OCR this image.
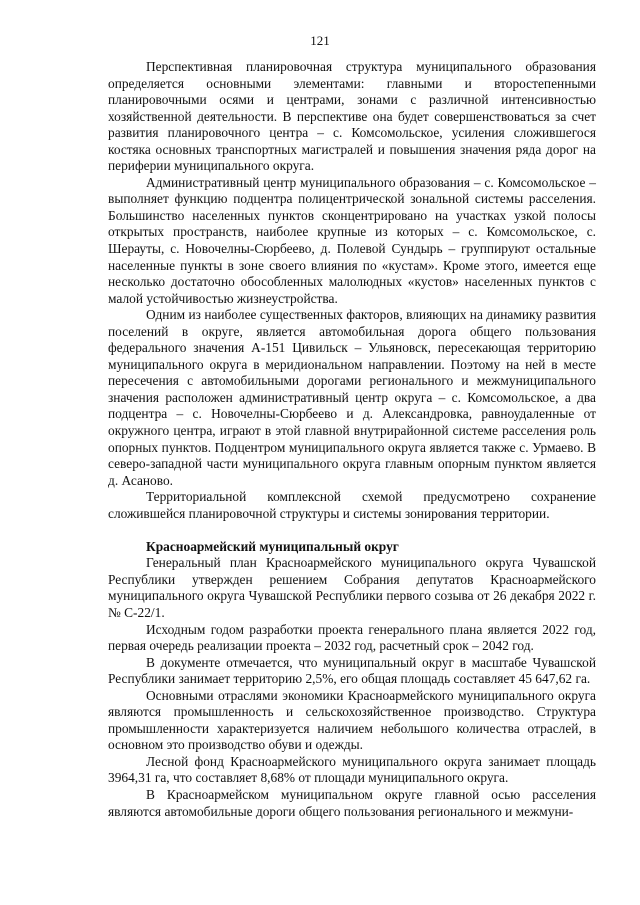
121

Перспективная планировочная структура муниципального образования определяется основными элементами: главными и второстепенными планировочными осями и центрами, зонами с различной интенсивностью хозяйственной деятельности. В перспективе она будет совершенствоваться за счет развития планировочного центра – с. Комсомольское, усиления сложившегося костяка основных транспортных магистралей и повышения значения ряда дорог на периферии муниципального округа.

Административный центр муниципального образования – с. Комсомольское – выполняет функцию подцентра полицентрической зональной системы расселения. Большинство населенных пунктов сконцентрировано на участках узкой полосы открытых пространств, наиболее крупные из которых – с. Комсомольское, с. Шерауты, с. Новочелны-Сюрбеево, д. Полевой Сундырь – группируют остальные населенные пункты в зоне своего влияния по «кустам». Кроме этого, имеется еще несколько достаточно обособленных малолюдных «кустов» населенных пунктов с малой устойчивостью жизнеустройства.

Одним из наиболее существенных факторов, влияющих на динамику развития поселений в округе, является автомобильная дорога общего пользования федерального значения А-151 Цивильск – Ульяновск, пересекающая территорию муниципального округа в меридиональном направлении. Поэтому на ней в месте пересечения с автомобильными дорогами регионального и межмуниципального значения расположен административный центр округа – с. Комсомольское, а два подцентра – с. Новочелны-Сюрбеево и д. Александровка, равноудаленные от окружного центра, играют в этой главной внутрирайонной системе расселения роль опорных пунктов. Подцентром муниципального округа является также с. Урмаево. В северо-западной части муниципального округа главным опорным пунктом является д. Асаново.

Территориальной комплексной схемой предусмотрено сохранение сложившейся планировочной структуры и системы зонирования территории.

Красноармейский муниципальный округ

Генеральный план Красноармейского муниципального округа Чувашской Республики утвержден решением Собрания депутатов Красноармейского муниципального округа Чувашской Республики первого созыва от 26 декабря 2022 г. № С-22/1.

Исходным годом разработки проекта генерального плана является 2022 год, первая очередь реализации проекта – 2032 год, расчетный срок – 2042 год.

В документе отмечается, что муниципальный округ в масштабе Чувашской Республики занимает территорию 2,5%, его общая площадь составляет 45 647,62 га.

Основными отраслями экономики Красноармейского муниципального округа являются промышленность и сельскохозяйственное производство. Структура промышленности характеризуется наличием небольшого количества отраслей, в основном это производство обуви и одежды.

Лесной фонд Красноармейского муниципального округа занимает площадь 3964,31 га, что составляет 8,68% от площади муниципального округа.

В Красноармейском муниципальном округе главной осью расселения являются автомобильные дороги общего пользования регионального и межмуни-
